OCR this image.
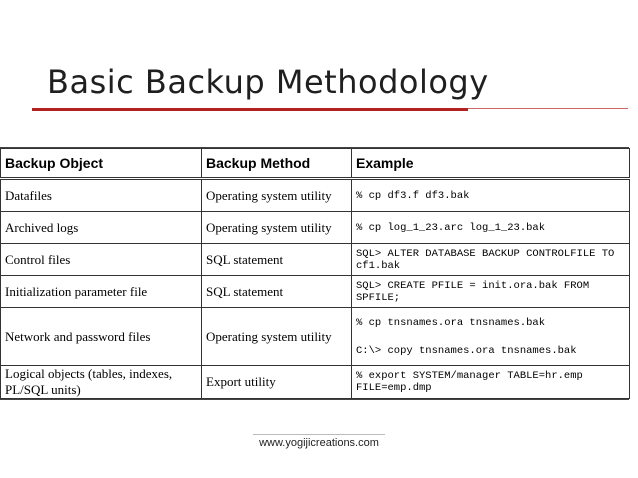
Basic Backup Methodology
Backup Object	Backup Method	Example
Datafiles	Operating system utility	% cp df3.f df3.bak
Archived logs	Operating system utility	% cp log_1_23.arc log_1_23.bak
Control files	SQL statement	SQL> ALTER DATABASE BACKUP CONTROLFILE TO cf1.bak
Initialization parameter file	SQL statement	SQL> CREATE PFILE = init.ora.bak FROM SPFILE;
Network and password files	Operating system utility	% cp tnsnames.ora tnsnames.bak
C:\> copy tnsnames.ora tnsnames.bak

Logical objects (tables, indexes, PL/SQL units)	Export utility	% export SYSTEM/manager TABLE=hr.emp FILE=emp.dmp
www.yogijicreations.com
